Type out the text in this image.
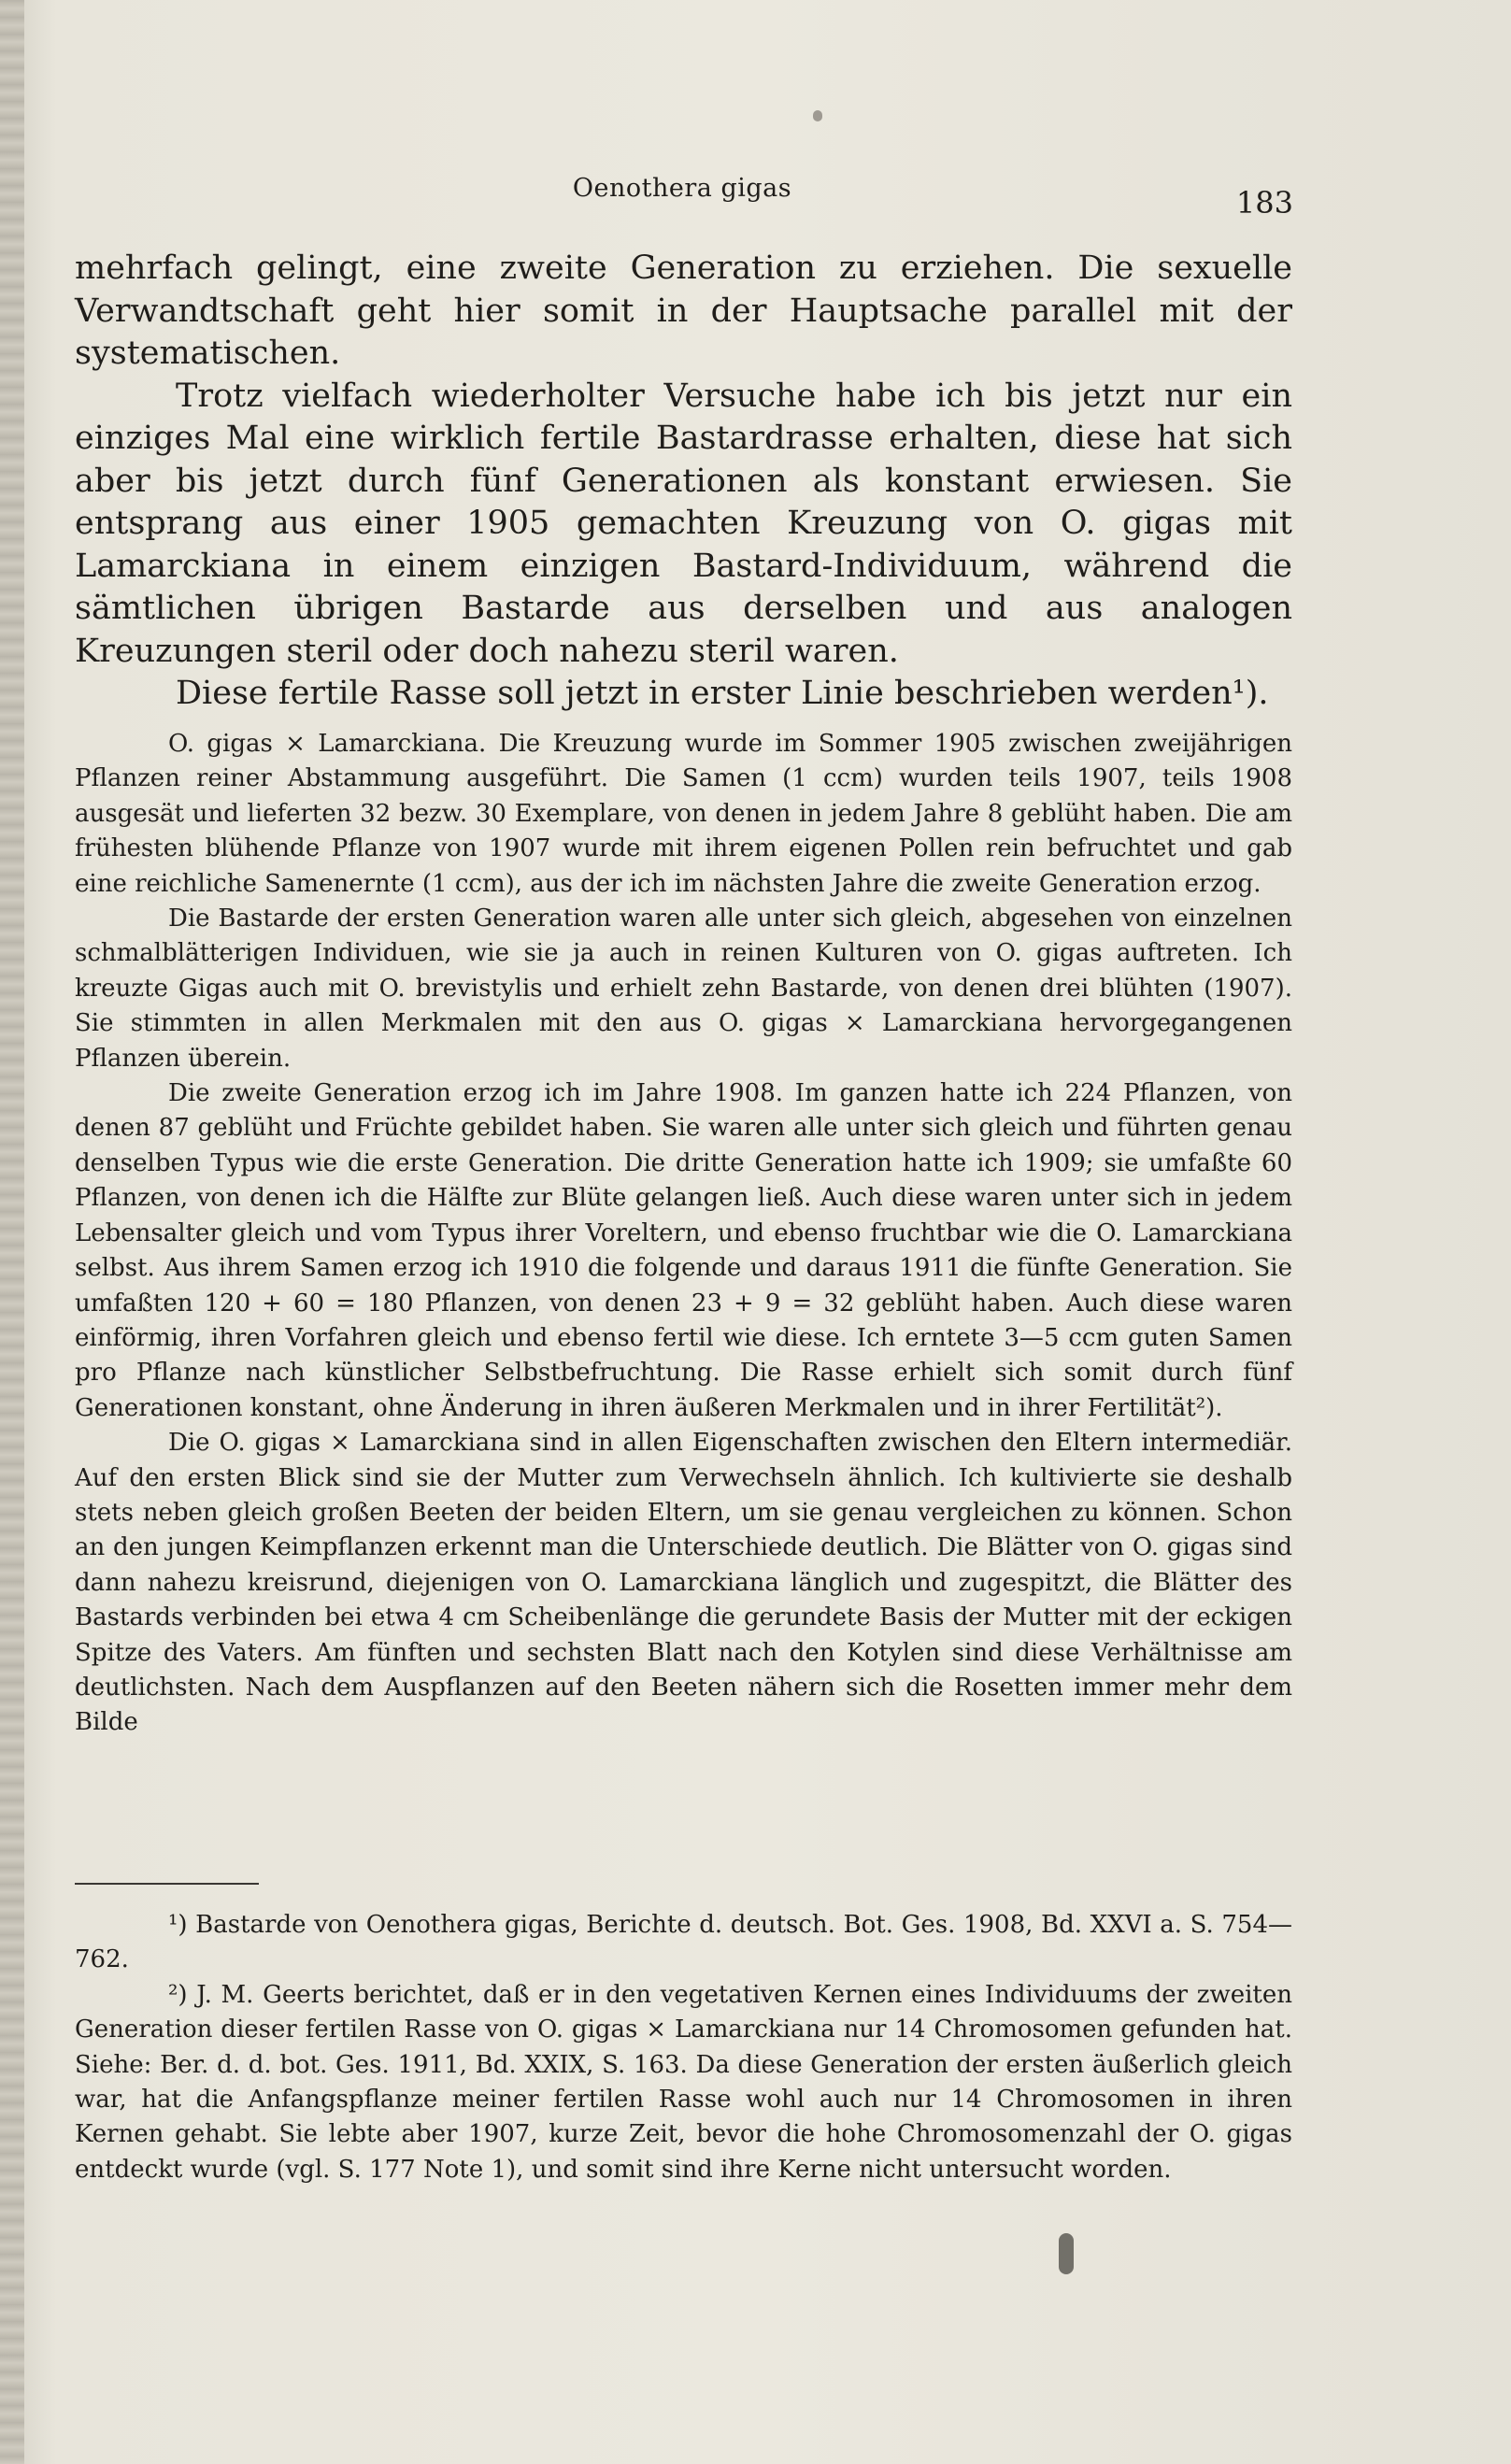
Oenothera gigas	183

mehrfach gelingt, eine zweite Generation zu erziehen. Die sexuelle Verwandtschaft geht hier somit in der Hauptsache parallel mit der systematischen.

Trotz vielfach wiederholter Versuche habe ich bis jetzt nur ein einziges Mal eine wirklich fertile Bastardrasse erhalten, diese hat sich aber bis jetzt durch fünf Generationen als konstant erwiesen. Sie entsprang aus einer 1905 gemachten Kreuzung von O. gigas mit Lamarckiana in einem einzigen Bastard-Individuum, während die sämtlichen übrigen Bastarde aus derselben und aus analogen Kreuzungen steril oder doch nahezu steril waren.

Diese fertile Rasse soll jetzt in erster Linie beschrieben werden¹).

O. gigas × Lamarckiana. Die Kreuzung wurde im Sommer 1905 zwischen zweijährigen Pflanzen reiner Abstammung ausgeführt. Die Samen (1 ccm) wurden teils 1907, teils 1908 ausgesät und lieferten 32 bezw. 30 Exemplare, von denen in jedem Jahre 8 geblüht haben. Die am frühesten blühende Pflanze von 1907 wurde mit ihrem eigenen Pollen rein befruchtet und gab eine reichliche Samenernte (1 ccm), aus der ich im nächsten Jahre die zweite Generation erzog.

Die Bastarde der ersten Generation waren alle unter sich gleich, abgesehen von einzelnen schmalblätterigen Individuen, wie sie ja auch in reinen Kulturen von O. gigas auftreten. Ich kreuzte Gigas auch mit O. brevistylis und erhielt zehn Bastarde, von denen drei blühten (1907). Sie stimmten in allen Merkmalen mit den aus O. gigas × Lamarckiana hervorgegangenen Pflanzen überein.

Die zweite Generation erzog ich im Jahre 1908. Im ganzen hatte ich 224 Pflanzen, von denen 87 geblüht und Früchte gebildet haben. Sie waren alle unter sich gleich und führten genau denselben Typus wie die erste Generation. Die dritte Generation hatte ich 1909; sie umfaßte 60 Pflanzen, von denen ich die Hälfte zur Blüte gelangen ließ. Auch diese waren unter sich in jedem Lebensalter gleich und vom Typus ihrer Voreltern, und ebenso fruchtbar wie die O. Lamarckiana selbst. Aus ihrem Samen erzog ich 1910 die folgende und daraus 1911 die fünfte Generation. Sie umfaßten 120 + 60 = 180 Pflanzen, von denen 23 + 9 = 32 geblüht haben. Auch diese waren einförmig, ihren Vorfahren gleich und ebenso fertil wie diese. Ich erntete 3—5 ccm guten Samen pro Pflanze nach künstlicher Selbstbefruchtung. Die Rasse erhielt sich somit durch fünf Generationen konstant, ohne Änderung in ihren äußeren Merkmalen und in ihrer Fertilität²).

Die O. gigas × Lamarckiana sind in allen Eigenschaften zwischen den Eltern intermediär. Auf den ersten Blick sind sie der Mutter zum Verwechseln ähnlich. Ich kultivierte sie deshalb stets neben gleich großen Beeten der beiden Eltern, um sie genau vergleichen zu können. Schon an den jungen Keimpflanzen erkennt man die Unterschiede deutlich. Die Blätter von O. gigas sind dann nahezu kreisrund, diejenigen von O. Lamarckiana länglich und zugespitzt, die Blätter des Bastards verbinden bei etwa 4 cm Scheibenlänge die gerundete Basis der Mutter mit der eckigen Spitze des Vaters. Am fünften und sechsten Blatt nach den Kotylen sind diese Verhältnisse am deutlichsten. Nach dem Auspflanzen auf den Beeten nähern sich die Rosetten immer mehr dem Bilde

¹) Bastarde von Oenothera gigas, Berichte d. deutsch. Bot. Ges. 1908, Bd. XXVI a. S. 754—762.

²) J. M. Geerts berichtet, daß er in den vegetativen Kernen eines Individuums der zweiten Generation dieser fertilen Rasse von O. gigas × Lamarckiana nur 14 Chromosomen gefunden hat. Siehe: Ber. d. d. bot. Ges. 1911, Bd. XXIX, S. 163. Da diese Generation der ersten äußerlich gleich war, hat die Anfangspflanze meiner fertilen Rasse wohl auch nur 14 Chromosomen in ihren Kernen gehabt. Sie lebte aber 1907, kurze Zeit, bevor die hohe Chromosomenzahl der O. gigas entdeckt wurde (vgl. S. 177 Note 1), und somit sind ihre Kerne nicht untersucht worden.
